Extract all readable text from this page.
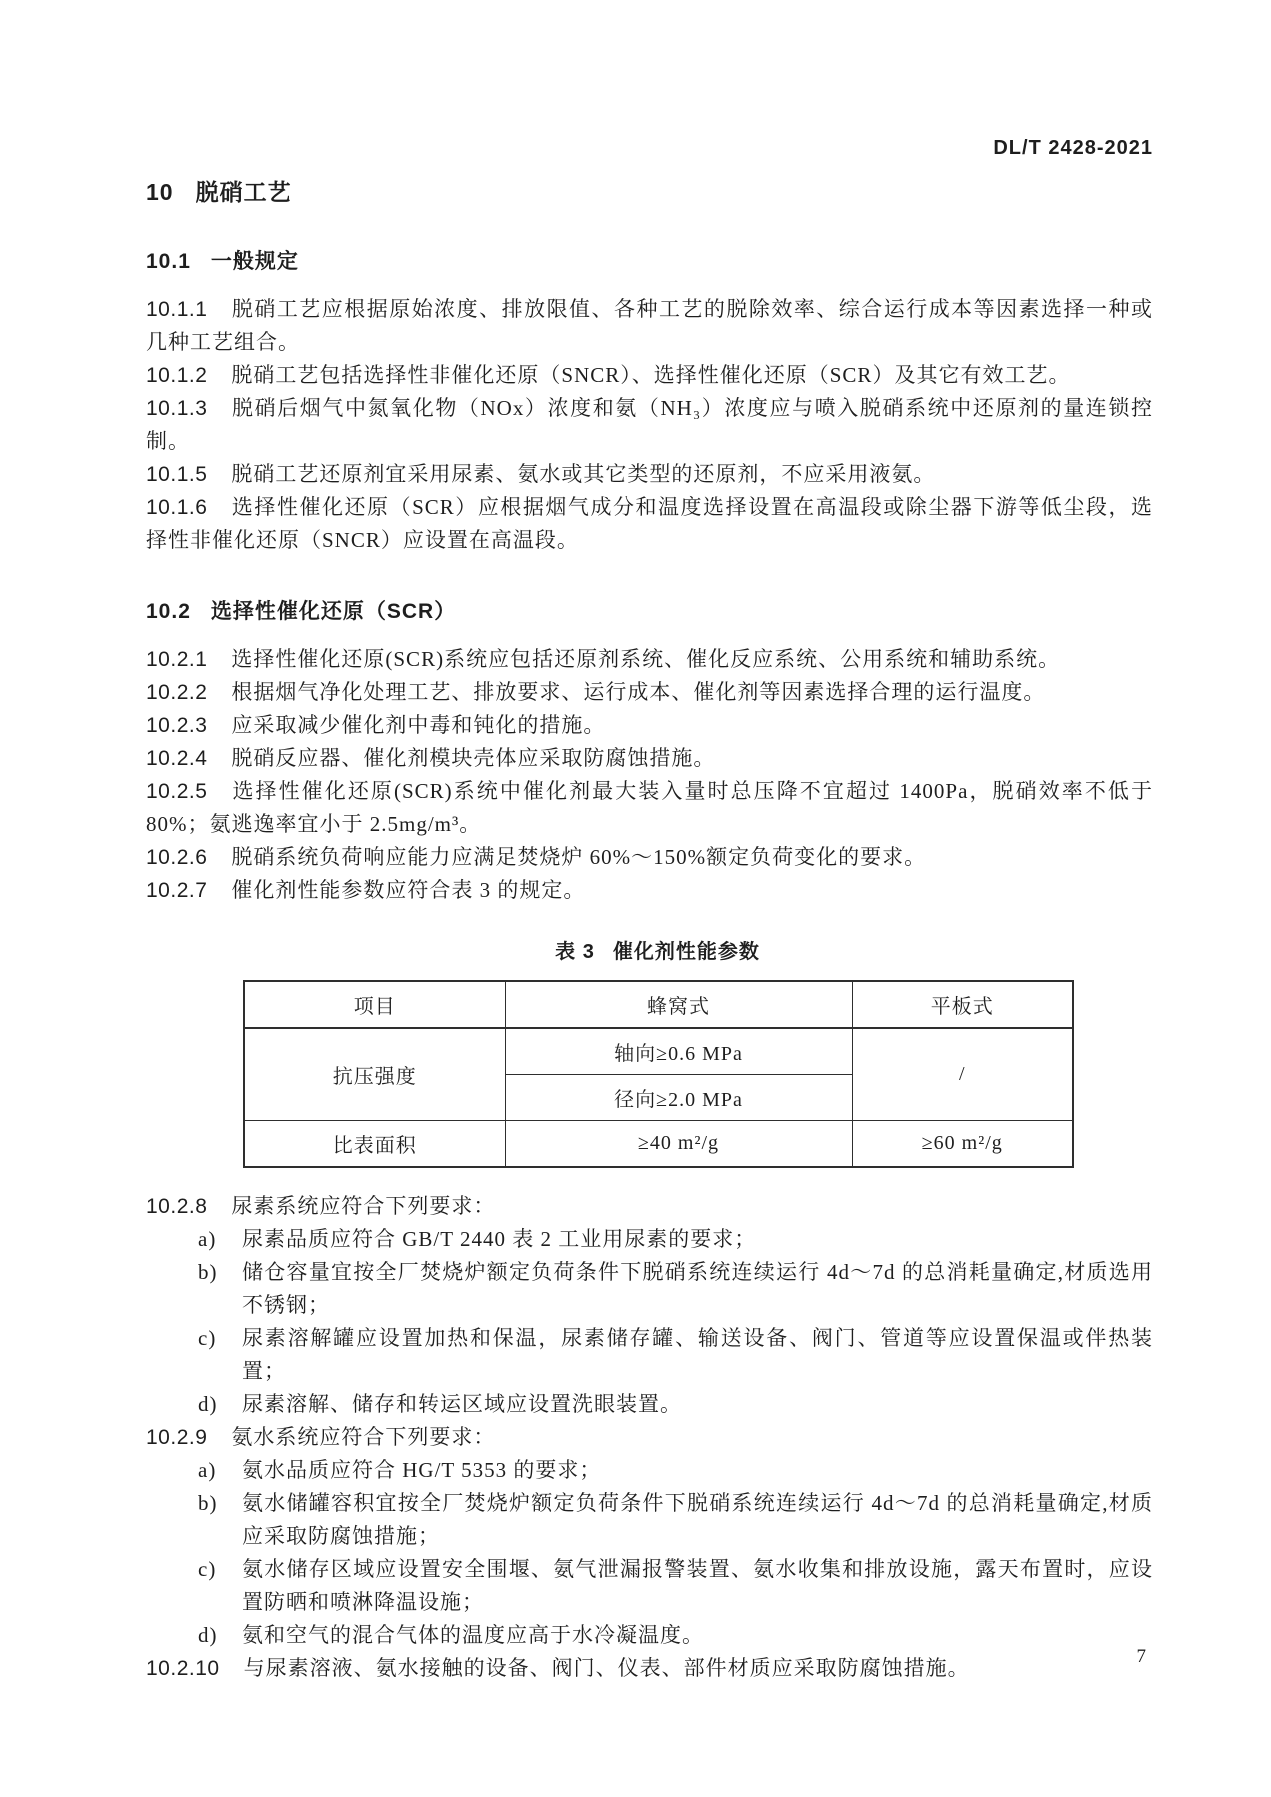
DL/T 2428-2021
10 脱硝工艺
10.1 一般规定

10.1.1 脱硝工艺应根据原始浓度、排放限值、各种工艺的脱除效率、综合运行成本等因素选择一种或几种工艺组合。

10.1.2 脱硝工艺包括选择性非催化还原（SNCR）、选择性催化还原（SCR）及其它有效工艺。

10.1.3 脱硝后烟气中氮氧化物（NOx）浓度和氨（NH₃）浓度应与喷入脱硝系统中还原剂的量连锁控制。

10.1.5 脱硝工艺还原剂宜采用尿素、氨水或其它类型的还原剂，不应采用液氨。

10.1.6 选择性催化还原（SCR）应根据烟气成分和温度选择设置在高温段或除尘器下游等低尘段，选择性非催化还原（SNCR）应设置在高温段。

10.2 选择性催化还原（SCR）

10.2.1 选择性催化还原(SCR)系统应包括还原剂系统、催化反应系统、公用系统和辅助系统。

10.2.2 根据烟气净化处理工艺、排放要求、运行成本、催化剂等因素选择合理的运行温度。

10.2.3 应采取减少催化剂中毒和钝化的措施。

10.2.4 脱硝反应器、催化剂模块壳体应采取防腐蚀措施。

10.2.5 选择性催化还原(SCR)系统中催化剂最大装入量时总压降不宜超过 1400Pa，脱硝效率不低于 80%；氨逃逸率宜小于 2.5mg/m³。

10.2.6 脱硝系统负荷响应能力应满足焚烧炉 60%～150%额定负荷变化的要求。

10.2.7 催化剂性能参数应符合表 3 的规定。

表 3 催化剂性能参数
项目	蜂窝式	平板式
抗压强度	轴向≥0.6 MPa	/
	径向≥2.0 MPa	
比表面积	≥40 m²/g	≥60 m²/g

10.2.8 尿素系统应符合下列要求：

a)	尿素品质应符合 GB/T 2440 表 2 工业用尿素的要求；
b)	储仓容量宜按全厂焚烧炉额定负荷条件下脱硝系统连续运行 4d～7d 的总消耗量确定,材质选用不锈钢；
c)	尿素溶解罐应设置加热和保温，尿素储存罐、输送设备、阀门、管道等应设置保温或伴热装置；
d)	尿素溶解、储存和转运区域应设置洗眼装置。

10.2.9 氨水系统应符合下列要求：

a)	氨水品质应符合 HG/T 5353 的要求；
b)	氨水储罐容积宜按全厂焚烧炉额定负荷条件下脱硝系统连续运行 4d～7d 的总消耗量确定,材质应采取防腐蚀措施；
c)	氨水储存区域应设置安全围堰、氨气泄漏报警装置、氨水收集和排放设施，露天布置时，应设置防晒和喷淋降温设施；
d)	氨和空气的混合气体的温度应高于水冷凝温度。

10.2.10 与尿素溶液、氨水接触的设备、阀门、仪表、部件材质应采取防腐蚀措施。	7
